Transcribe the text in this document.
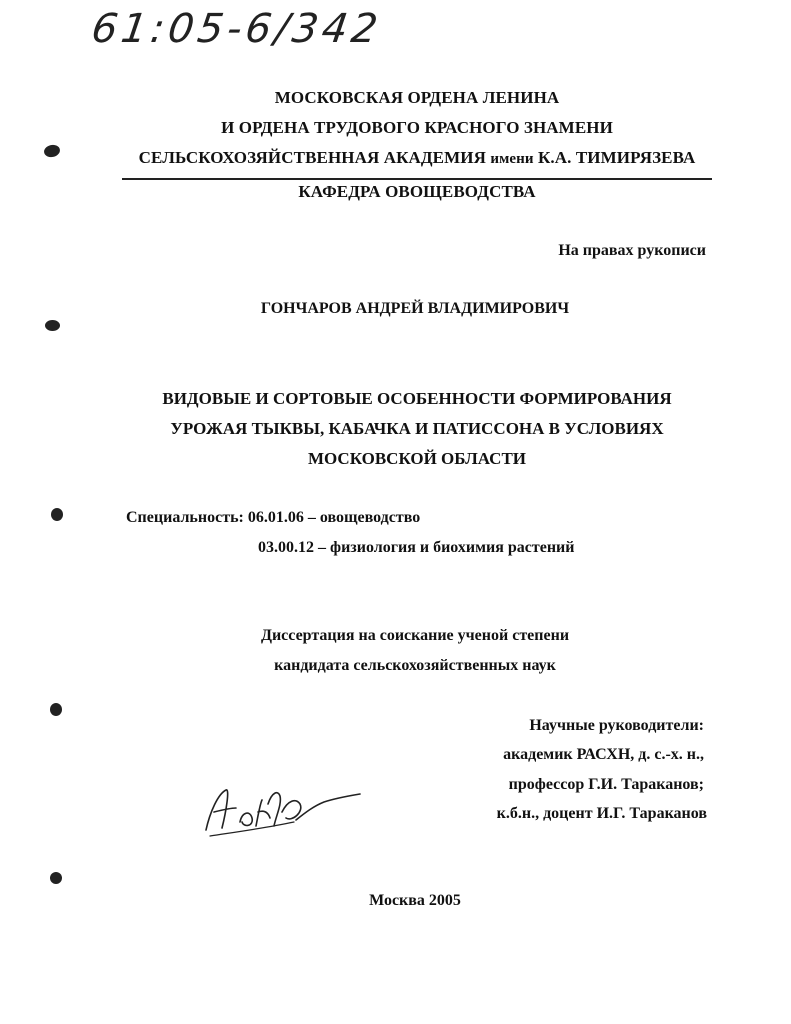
61:05-6/342
МОСКОВСКАЯ ОРДЕНА ЛЕНИНА
И ОРДЕНА ТРУДОВОГО КРАСНОГО ЗНАМЕНИ
СЕЛЬСКОХОЗЯЙСТВЕННАЯ АКАДЕМИЯ имени К.А. ТИМИРЯЗЕВА
КАФЕДРА ОВОЩЕВОДСТВА
На правах рукописи
ГОНЧАРОВ АНДРЕЙ ВЛАДИМИРОВИЧ
ВИДОВЫЕ И СОРТОВЫЕ ОСОБЕННОСТИ ФОРМИРОВАНИЯ
УРОЖАЯ ТЫКВЫ, КАБАЧКА И ПАТИССОНА В УСЛОВИЯХ
МОСКОВСКОЙ ОБЛАСТИ
Специальность: 06.01.06 – овощеводство
03.00.12 – физиология и биохимия растений
Диссертация на соискание ученой степени
кандидата сельскохозяйственных наук
Научные руководители:
академик РАСХН, д. с.-х. н.,
профессор Г.И. Тараканов;
к.б.н., доцент И.Г. Тараканов
Москва 2005
